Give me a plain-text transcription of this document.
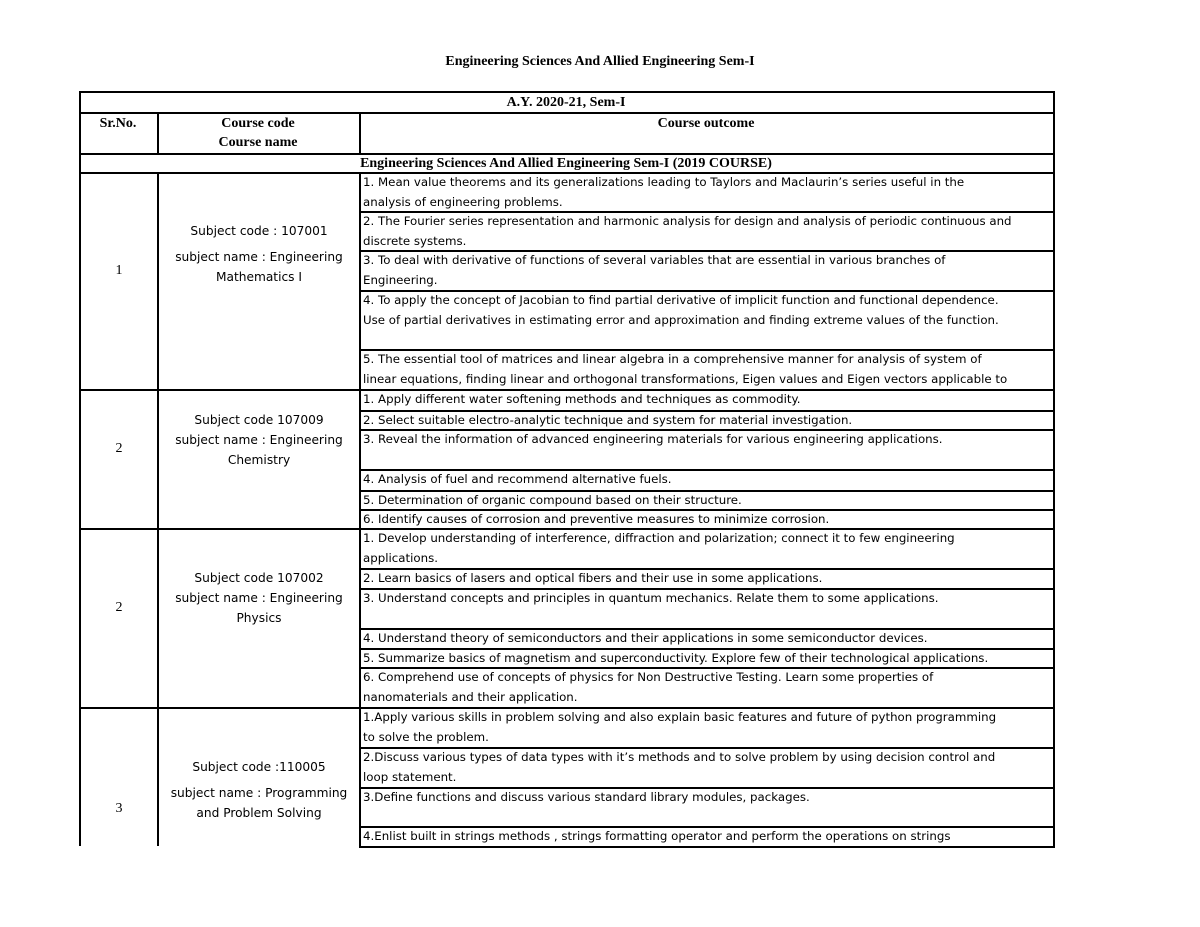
Engineering Sciences And Allied Engineering Sem-I
A.Y. 2020-21, Sem-I
Sr.No.	Course code
Course name
Course outcome
Engineering Sciences And Allied Engineering Sem-I (2019 COURSE)
1. Mean value theorems and its generalizations leading to Taylors and Maclaurin’s series useful in the
analysis of engineering problems.
2. The Fourier series representation and harmonic analysis for design and analysis of periodic continuous and
discrete systems.
3. To deal with derivative of functions of several variables that are essential in various branches of
Engineering.
4. To apply the concept of Jacobian to find partial derivative of implicit function and functional dependence.
Use of partial derivatives in estimating error and approximation and finding extreme values of the function.
5. The essential tool of matrices and linear algebra in a comprehensive manner for analysis of system of
linear equations, finding linear and orthogonal transformations, Eigen values and Eigen vectors applicable to
1
Subject code : 107001
subject name : Engineering Mathematics I
1. Apply different water softening methods and techniques as commodity.
2. Select suitable electro-analytic technique and system for material investigation.
3. Reveal the information of advanced engineering materials for various engineering applications.
4. Analysis of fuel and recommend alternative fuels.
5. Determination of organic compound based on their structure.
6. Identify causes of corrosion and preventive measures to minimize corrosion.
2
Subject code 107009
subject name : Engineering Chemistry
1. Develop understanding of interference, diffraction and polarization; connect it to few engineering
applications.
2. Learn basics of lasers and optical fibers and their use in some applications.
3. Understand concepts and principles in quantum mechanics. Relate them to some applications.
4. Understand theory of semiconductors and their applications in some semiconductor devices.
5. Summarize basics of magnetism and superconductivity. Explore few of their technological applications.
6. Comprehend use of concepts of physics for Non Destructive Testing. Learn some properties of
nanomaterials and their application.
2
Subject code 107002
subject name : Engineering Physics
1.Apply various skills in problem solving and also explain basic features and future of python programming
to solve the problem.
2.Discuss various types of data types with it’s methods and to solve problem by using decision control and
loop statement.
3.Define functions and discuss various standard library modules, packages.
4.Enlist built in strings methods , strings formatting operator and perform the operations on strings
3
Subject code :110005
subject name : Programming and Problem Solving
